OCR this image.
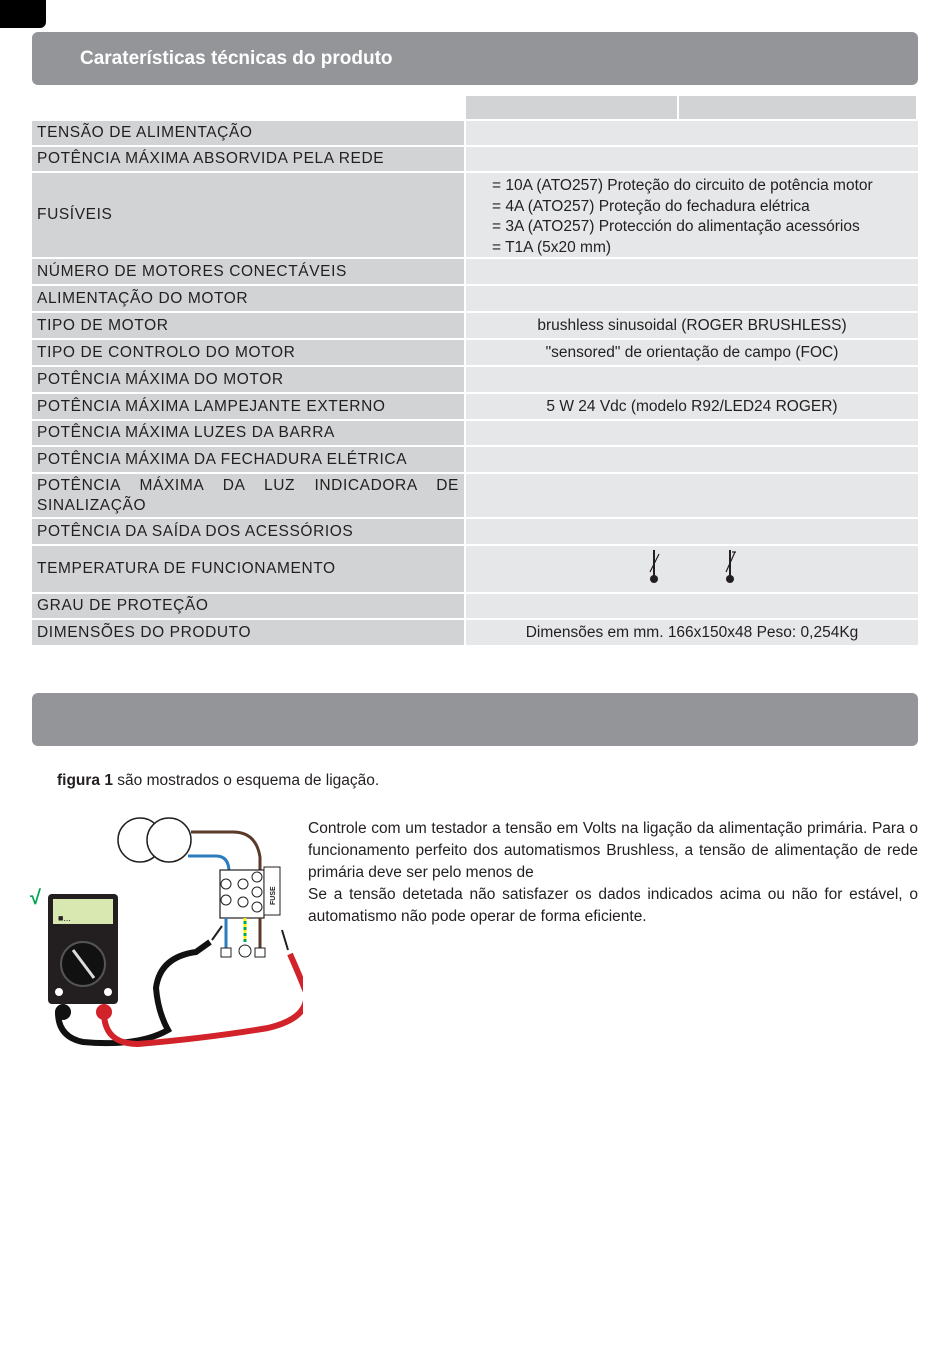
Caraterísticas técnicas do produto
TENSÃO DE ALIMENTAÇÃO
POTÊNCIA MÁXIMA ABSORVIDA PELA REDE
FUSÍVEIS
= 10A (ATO257) Proteção do circuito de potência motor
= 4A (ATO257) Proteção do fechadura elétrica
= 3A (ATO257) Protección do alimentação acessórios
= T1A (5x20 mm)
NÚMERO DE MOTORES CONECTÁVEIS
ALIMENTAÇÃO DO MOTOR
TIPO DE MOTOR	brushless sinusoidal (ROGER BRUSHLESS)
TIPO DE CONTROLO DO MOTOR	"sensored" de orientação de campo (FOC)
POTÊNCIA MÁXIMA DO MOTOR
POTÊNCIA MÁXIMA LAMPEJANTE EXTERNO	5 W 24 Vdc (modelo R92/LED24 ROGER)
POTÊNCIA MÁXIMA LUZES DA BARRA
POTÊNCIA MÁXIMA DA FECHADURA ELÉTRICA
POTÊNCIA MÁXIMA DA LUZ INDICADORA DE SINALIZAÇÃO
POTÊNCIA DA SAÍDA DOS ACESSÓRIOS
TEMPERATURA DE FUNCIONAMENTO
GRAU DE PROTEÇÃO
DIMENSÕES DO PRODUTO	Dimensões em mm. 166x150x48 Peso: 0,254Kg
figura 1 são mostrados o esquema de ligação.

Controle com um testador a tensão em Volts na ligação da alimentação primária. Para o funcionamento perfeito dos automatismos Brushless, a tensão de alimentação de rede primária deve ser pelo menos de

Se a tensão detetada não satisfazer os dados indicados acima ou não for estável, o automatismo não pode operar de forma eficiente.

FUSE
■...
√
